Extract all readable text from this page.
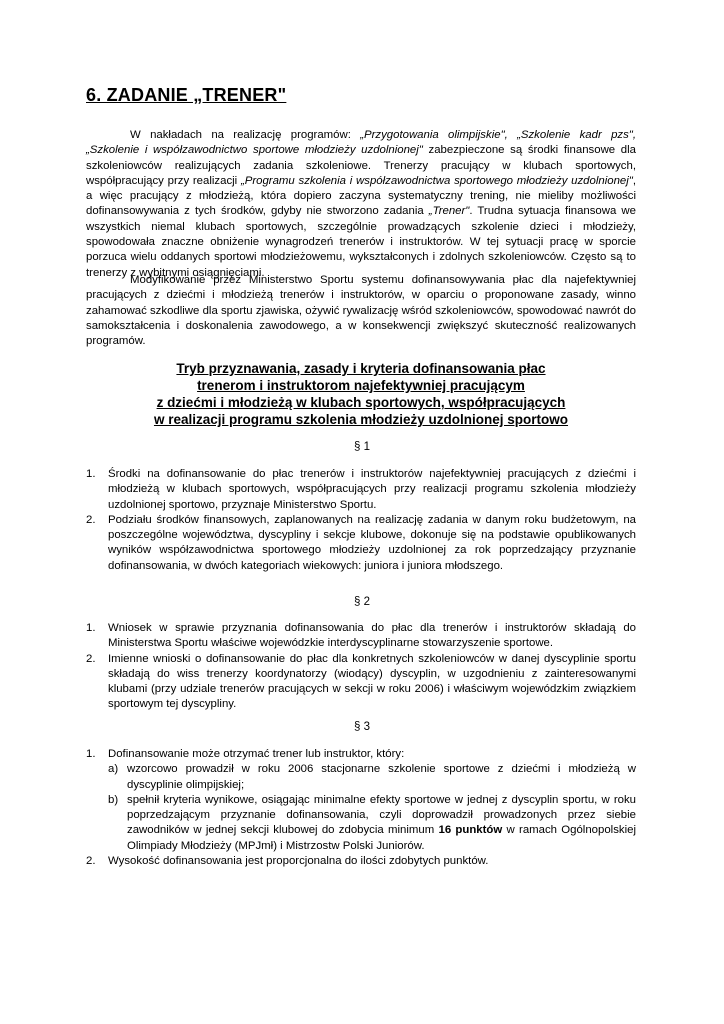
6. ZADANIE „TRENER"

W nakładach na realizację programów: „Przygotowania olimpijskie", „Szkolenie kadr pzs", „Szkolenie i współzawodnictwo sportowe młodzieży uzdolnionej" zabezpieczone są środki finansowe dla szkoleniowców realizujących zadania szkoleniowe. Trenerzy pracujący w klubach sportowych, współpracujący przy realizacji „Programu szkolenia i współzawodnictwa sportowego młodzieży uzdolnionej", a więc pracujący z młodzieżą, która dopiero zaczyna systematyczny trening, nie mieliby możliwości dofinansowywania z tych środków, gdyby nie stworzono zadania „Trener". Trudna sytuacja finansowa we wszystkich niemal klubach sportowych, szczególnie prowadzących szkolenie dzieci i młodzieży, spowodowała znaczne obniżenie wynagrodzeń trenerów i instruktorów. W tej sytuacji pracę w sporcie porzuca wielu oddanych sportowi młodzieżowemu, wykształconych i zdolnych szkoleniowców. Często są to trenerzy z wybitnymi osiągnięciami.

Modyfikowanie przez Ministerstwo Sportu systemu dofinansowywania płac dla najefektywniej pracujących z dziećmi i młodzieżą trenerów i instruktorów, w oparciu o proponowane zasady, winno zahamować szkodliwe dla sportu zjawiska, ożywić rywalizację wśród szkoleniowców, spowodować nawrót do samokształcenia i doskonalenia zawodowego, a w konsekwencji zwiększyć skuteczność realizowanych programów.

Tryb przyznawania, zasady i kryteria dofinansowania płac
trenerom i instruktorom najefektywniej pracującym
z dziećmi i młodzieżą w klubach sportowych, współpracujących
w realizacji programu szkolenia młodzieży uzdolnionej sportowo
§ 1
1. Środki na dofinansowanie do płac trenerów i instruktorów najefektywniej pracujących z dziećmi i młodzieżą w klubach sportowych, współpracujących przy realizacji programu szkolenia młodzieży uzdolnionej sportowo, przyznaje Ministerstwo Sportu.
2. Podziału środków finansowych, zaplanowanych na realizację zadania w danym roku budżetowym, na poszczególne województwa, dyscypliny i sekcje klubowe, dokonuje się na podstawie opublikowanych wyników współzawodnictwa sportowego młodzieży uzdolnionej za rok poprzedzający przyznanie dofinansowania, w dwóch kategoriach wiekowych: juniora i juniora młodszego.
§ 2
1. Wniosek w sprawie przyznania dofinansowania do płac dla trenerów i instruktorów składają do Ministerstwa Sportu właściwe wojewódzkie interdyscyplinarne stowarzyszenie sportowe.
2. Imienne wnioski o dofinansowanie do płac dla konkretnych szkoleniowców w danej dyscyplinie sportu składają do wiss trenerzy koordynatorzy (wiodący) dyscyplin, w uzgodnieniu z zainteresowanymi klubami (przy udziale trenerów pracujących w sekcji w roku 2006) i właściwym wojewódzkim związkiem sportowym tej dyscypliny.
§ 3
1. Dofinansowanie może otrzymać trener lub instruktor, który:
a) wzorcowo prowadził w roku 2006 stacjonarne szkolenie sportowe z dziećmi i młodzieżą w dyscyplinie olimpijskiej;
b) spełnił kryteria wynikowe, osiągając minimalne efekty sportowe w jednej z dyscyplin sportu, w roku poprzedzającym przyznanie dofinansowania, czyli doprowadził prowadzonych przez siebie zawodników w jednej sekcji klubowej do zdobycia minimum 16 punktów w ramach Ogólnopolskiej Olimpiady Młodzieży (MPJmł) i Mistrzostw Polski Juniorów.
2. Wysokość dofinansowania jest proporcjonalna do ilości zdobytych punktów.
